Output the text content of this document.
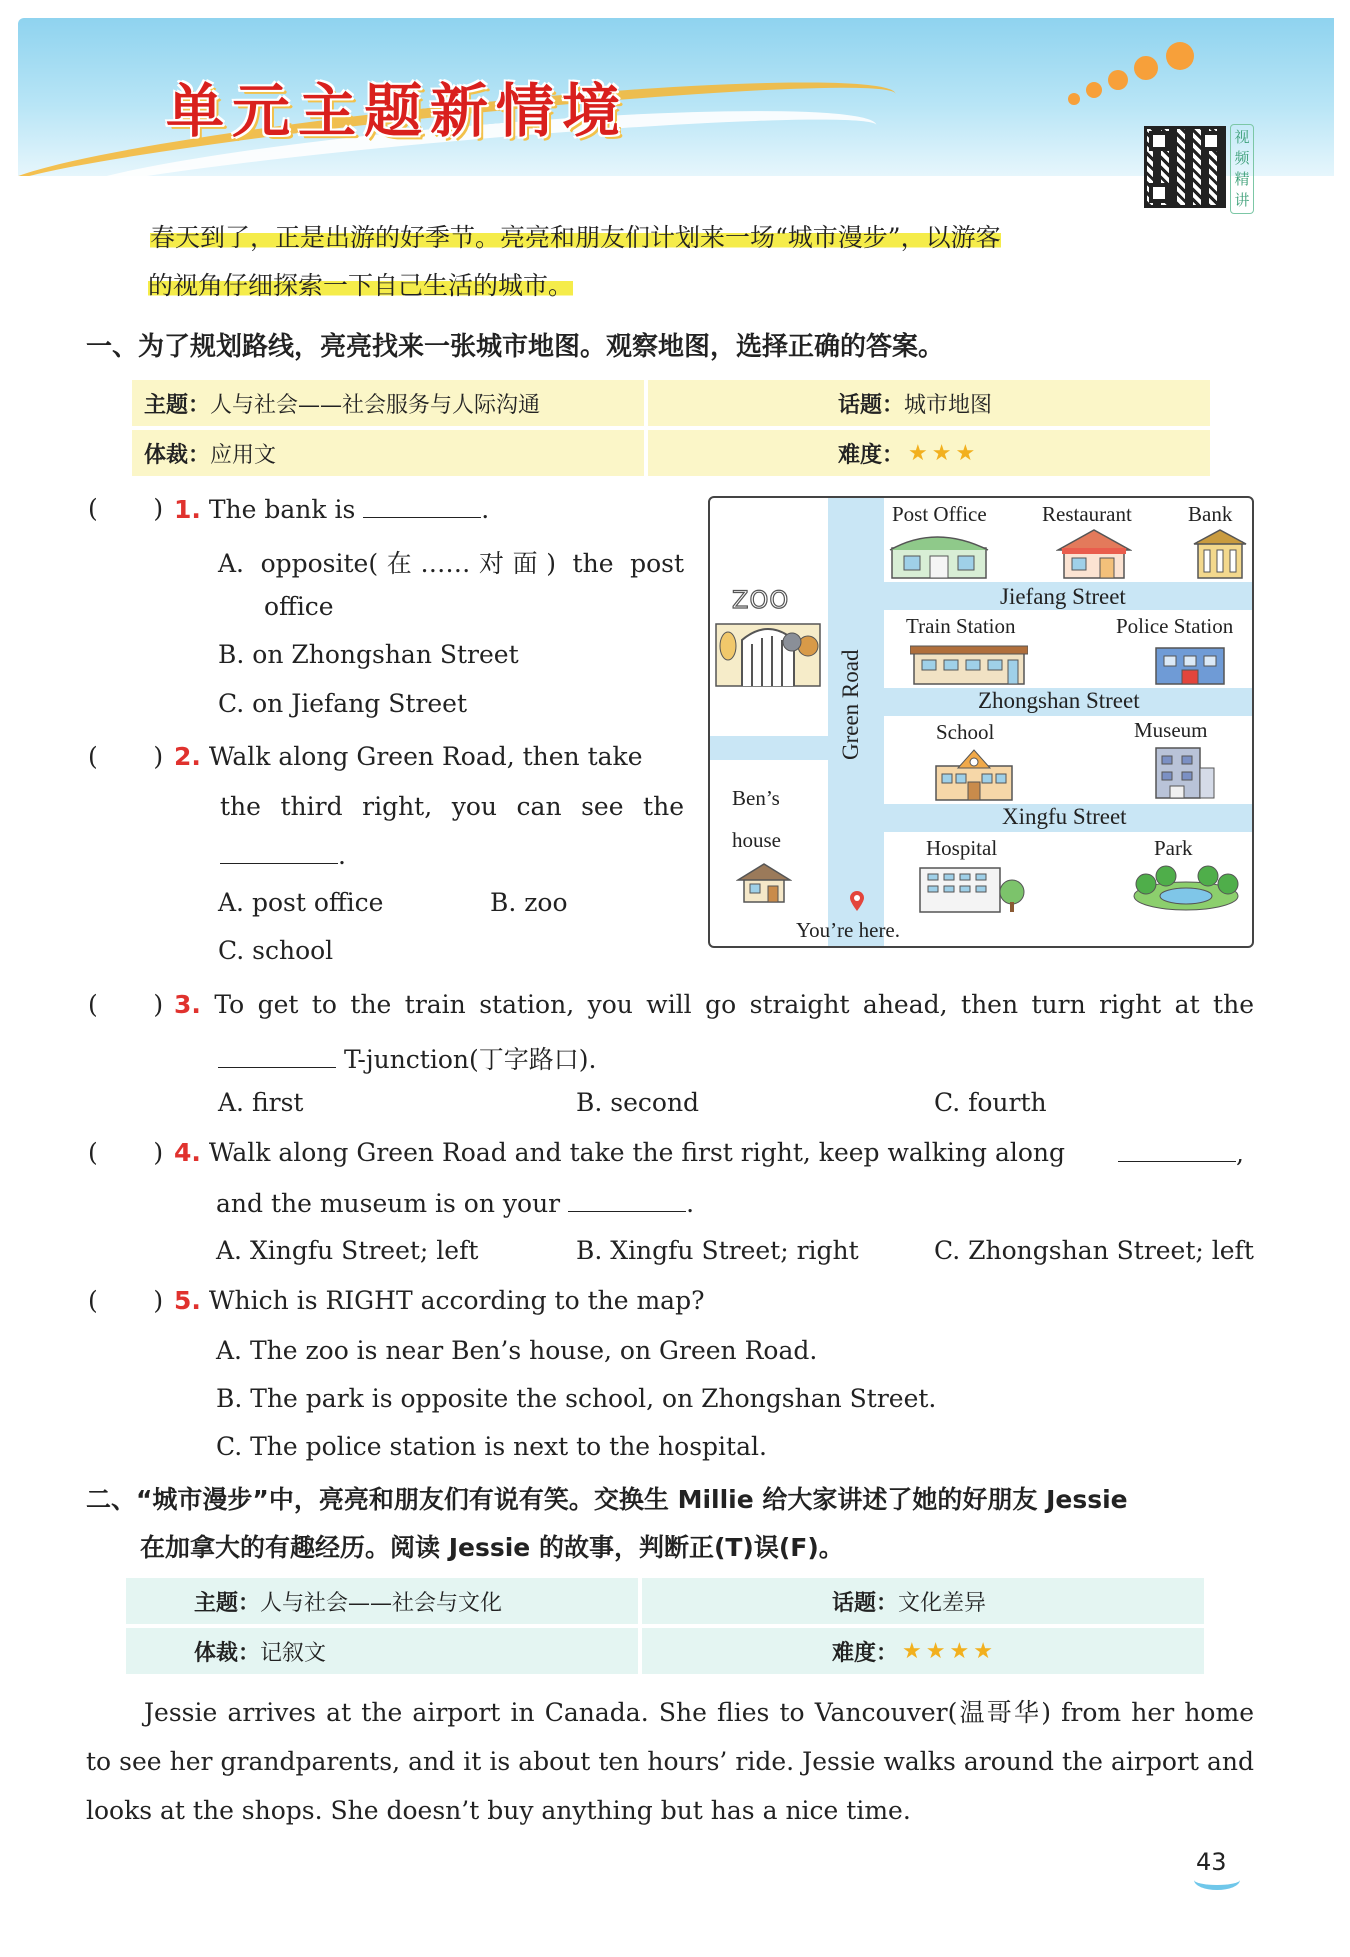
单元主题新情境	视频精讲
春天到了，正是出游的好季节。亮亮和朋友们计划来一场“城市漫步”，以游客
的视角仔细探索一下自己生活的城市。
一、为了规划路线，亮亮找来一张城市地图。观察地图，选择正确的答案。
主题： 人与社会——社会服务与人际沟通	话题： 城市地图
体裁： 应用文	难度： ★ ★ ★
(       ) 1. The bank is	.
A. opposite(在……对面) the post
office
B. on Zhongshan Street
C. on Jiefang Street
(       ) 2. Walk along Green Road, then take
the third right, you can see the
.
A. post office	B. zoo
C. school
Green Road
Jiefang Street
Zhongshan Street
Xingfu Street
Post Office	Restaurant	Bank
ZOO
Train Station	Police Station
School	Museum
Ben’s
house	Hospital	Park
You’re here.
(       ) 3. To get to the train station, you will go straight ahead, then turn right at the
T-junction(丁字路口).
A. first	B. second	C. fourth
(       ) 4. Walk along Green Road and take the first right, keep walking along	,
and the museum is on your	.
A. Xingfu Street; left	B. Xingfu Street; right	C. Zhongshan Street; left
(       ) 5. Which is RIGHT according to the map?
A. The zoo is near Ben’s house, on Green Road.
B. The park is opposite the school, on Zhongshan Street.
C. The police station is next to the hospital.
二、“城市漫步”中，亮亮和朋友们有说有笑。交换生 Millie 给大家讲述了她的好朋友 Jessie
在加拿大的有趣经历。阅读 Jessie 的故事，判断正(T)误(F)。
主题： 人与社会——社会与文化	话题： 文化差异
体裁： 记叙文	难度： ★ ★ ★ ★
Jessie arrives at the airport in Canada. She flies to Vancouver(温哥华) from her home
to see her grandparents, and it is about ten hours’ ride. Jessie walks around the airport and
looks at the shops. She doesn’t buy anything but has a nice time.
43
